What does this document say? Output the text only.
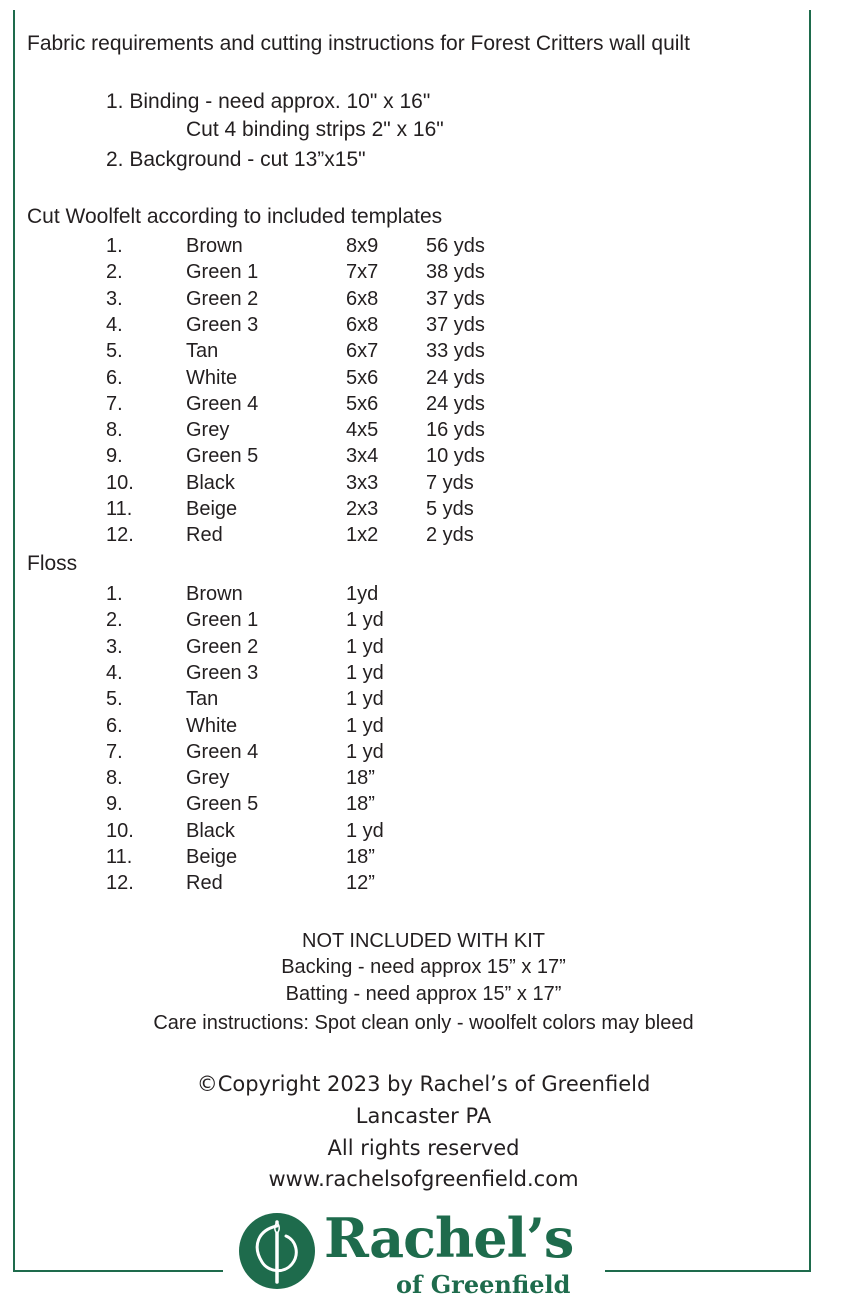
Fabric requirements and cutting instructions for Forest Critters wall quilt
1. Binding - need approx. 10" x 16"
Cut 4 binding strips 2" x 16"
2. Background - cut 13”x15"
Cut Woolfelt according to included templates
1.	Brown	8x9 56 yds
2.	Green 1	7x7 38 yds
3.	Green 2	6x8 37 yds
4.	Green 3	6x8 37 yds
5.	Tan	6x7 33 yds
6.	White	5x6 24 yds
7.	Green 4	5x6 24 yds
8.	Grey	4x5 16 yds
9.	Green 5	3x4 10 yds
10.	Black	3x3 7 yds
11.	Beige	2x3 5 yds
12.	Red	1x2 2 yds
Floss
1.	Brown	1yd
2.	Green 1	1 yd
3.	Green 2	1 yd
4.	Green 3	1 yd
5.	Tan	1 yd
6.	White	1 yd
7.	Green 4	1 yd
8.	Grey	18”
9.	Green 5	18”
10.	Black	1 yd
11.	Beige	18”
12.	Red	12”
NOT INCLUDED WITH KIT
Backing - need approx 15” x 17”
Batting - need approx 15” x 17”
Care instructions: Spot clean only - woolfelt colors may bleed
©Copyright 2023 by Rachel’s of Greenfield
Lancaster PA
All rights reserved
www.rachelsofgreenfield.com
Rachel’s
of Greenfield
